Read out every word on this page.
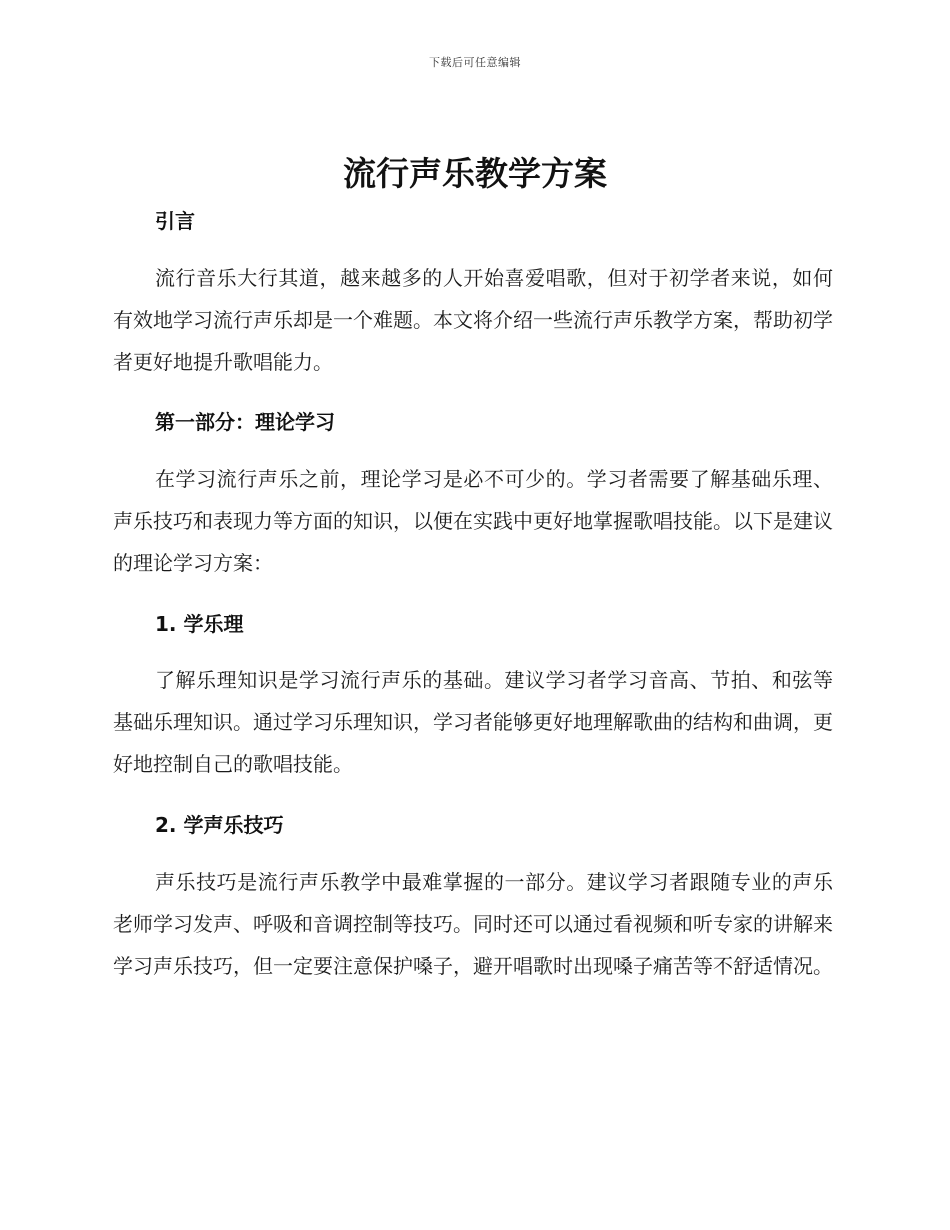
下载后可任意编辑
流行声乐教学方案
引言

流行音乐大行其道，越来越多的人开始喜爱唱歌，但对于初学者来说，如何有效地学习流行声乐却是一个难题。本文将介绍一些流行声乐教学方案，帮助初学者更好地提升歌唱能力。

第一部分：理论学习

在学习流行声乐之前，理论学习是必不可少的。学习者需要了解基础乐理、声乐技巧和表现力等方面的知识，以便在实践中更好地掌握歌唱技能。以下是建议的理论学习方案：

1. 学乐理

了解乐理知识是学习流行声乐的基础。建议学习者学习音高、节拍、和弦等基础乐理知识。通过学习乐理知识，学习者能够更好地理解歌曲的结构和曲调，更好地控制自己的歌唱技能。

2. 学声乐技巧

声乐技巧是流行声乐教学中最难掌握的一部分。建议学习者跟随专业的声乐老师学习发声、呼吸和音调控制等技巧。同时还可以通过看视频和听专家的讲解来学习声乐技巧，但一定要注意保护嗓子，避开唱歌时出现嗓子痛苦等不舒适情况。
